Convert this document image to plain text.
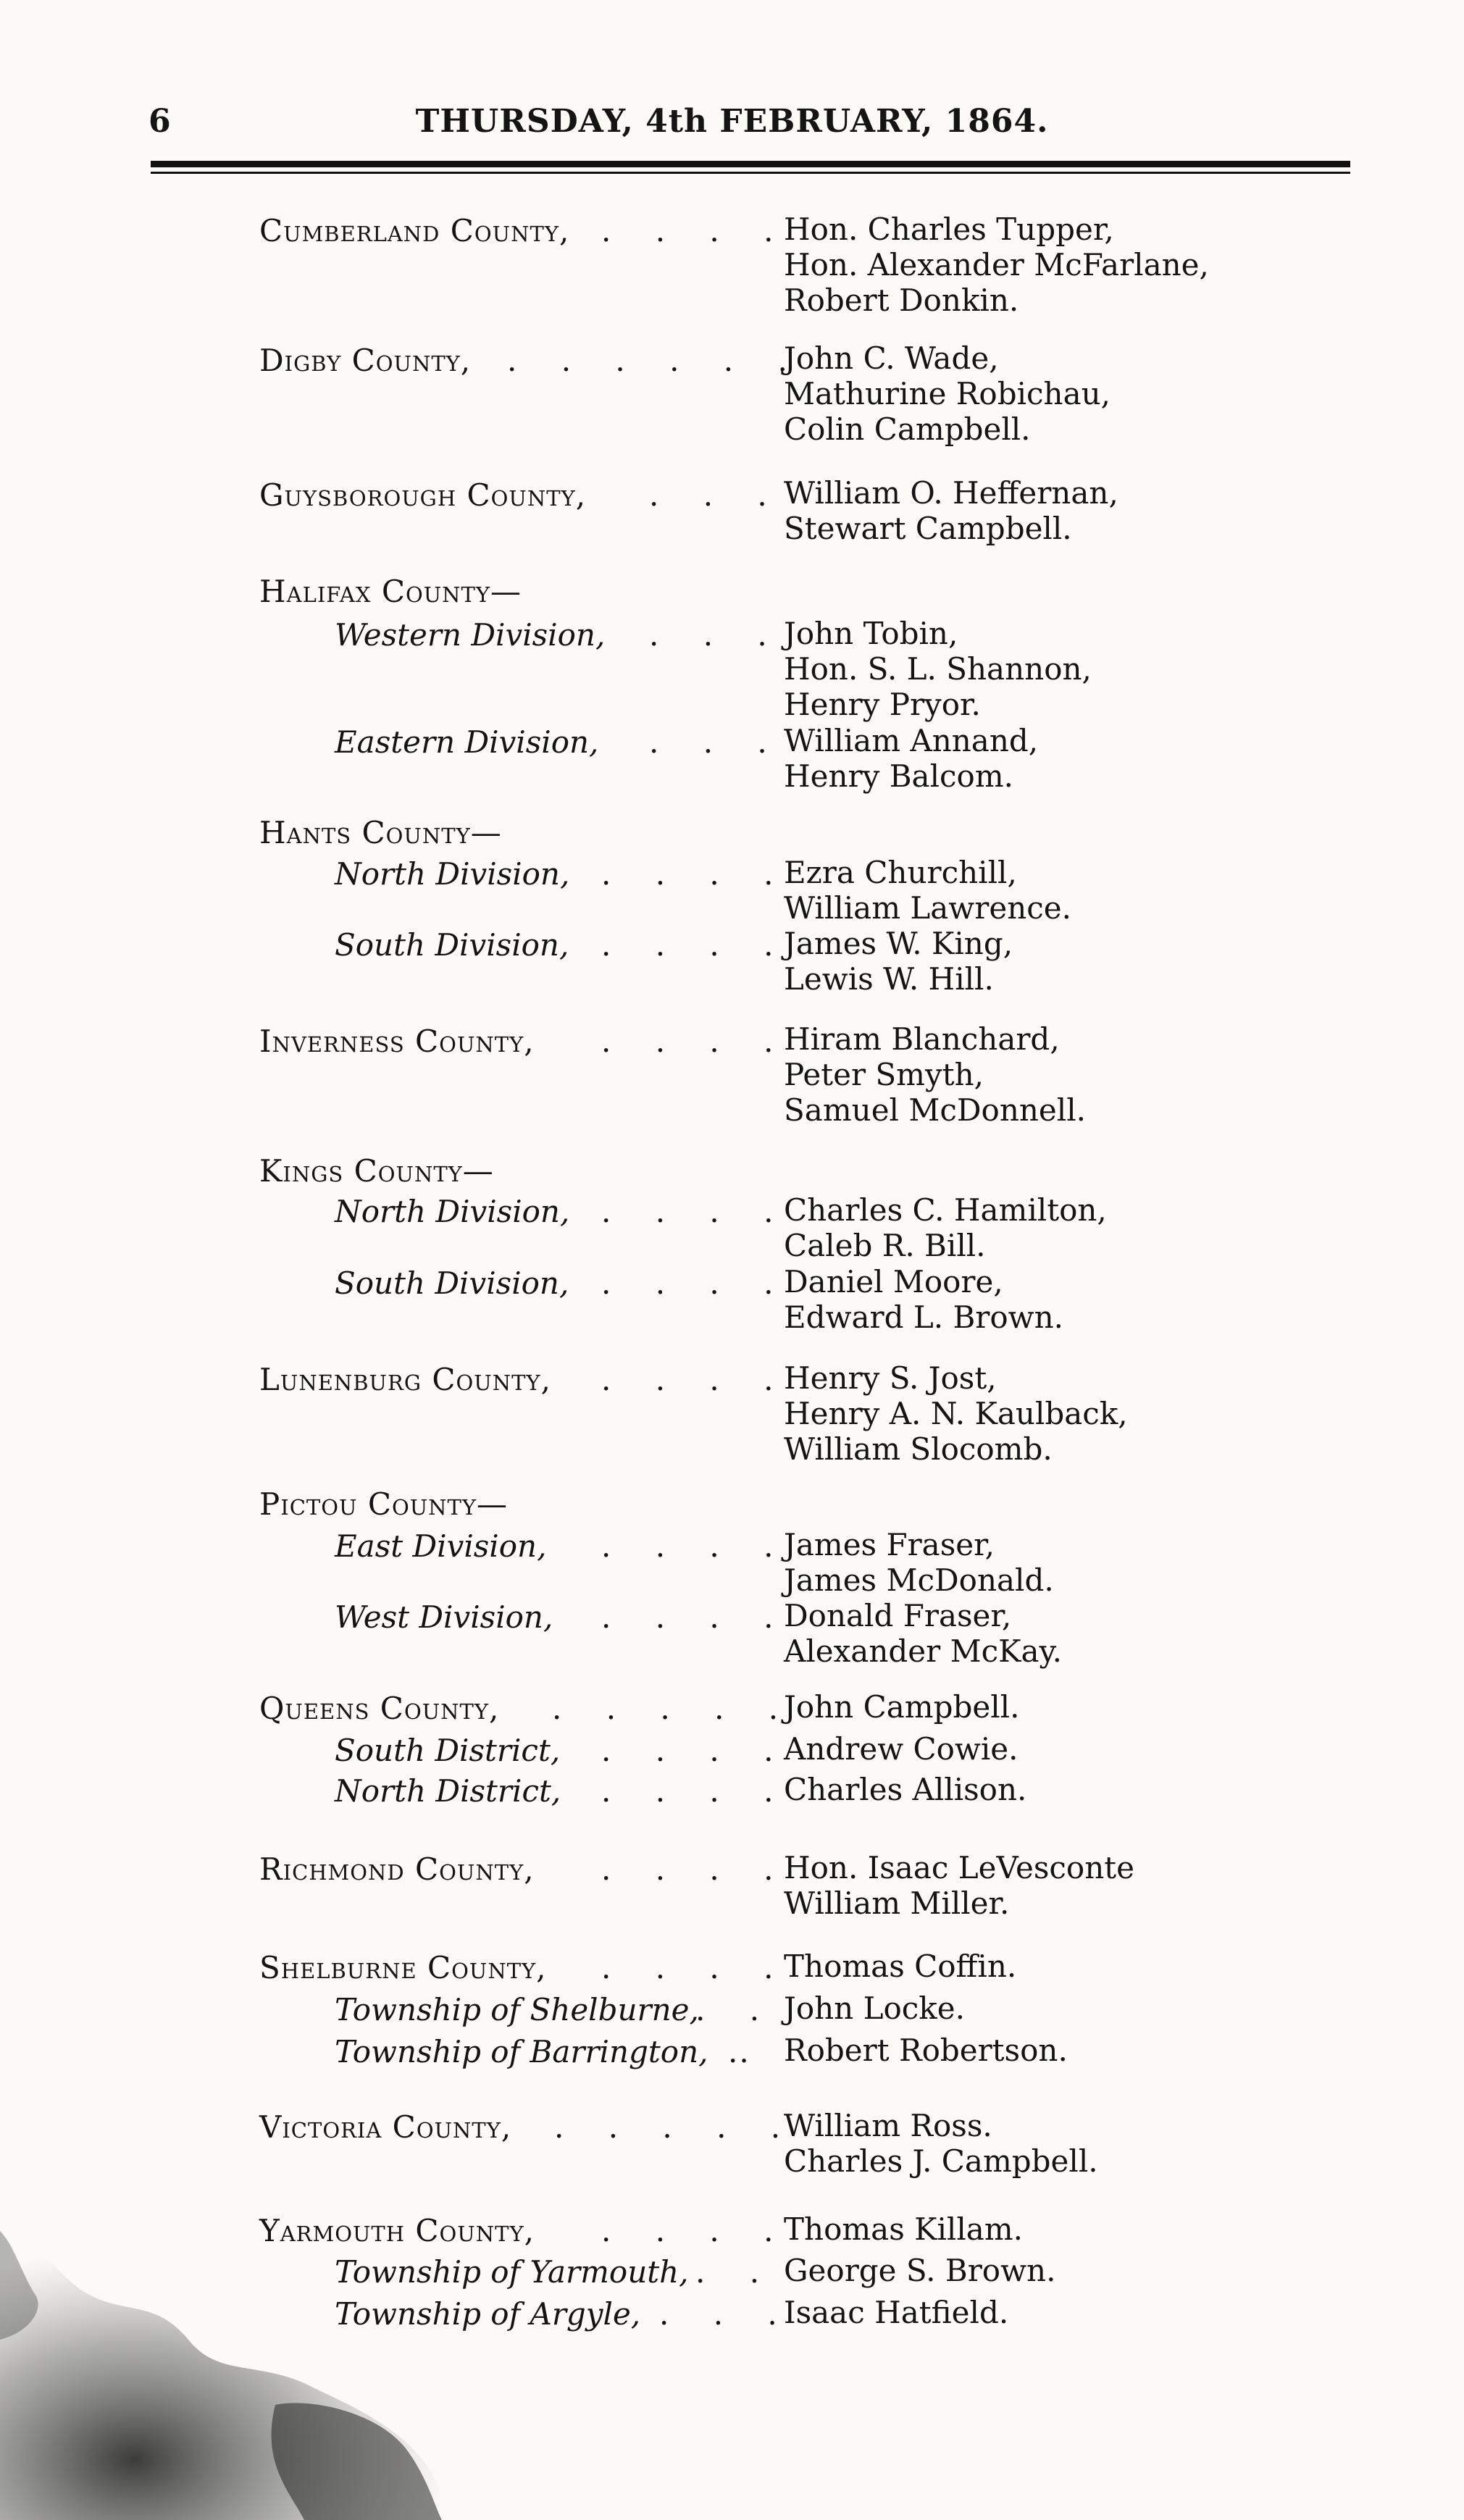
6	THURSDAY, 4th FEBRUARY, 1864.
Cumberland County, . . . .
Hon. Charles Tupper,
Hon. Alexander McFarlane,
Robert Donkin.
Digby County, . . . . . .
John C. Wade,
Mathurine Robichau,
Colin Campbell.
Guysborough County, . . . William O. Heffernan,
Stewart Campbell.
Halifax County—
Western Division, . . . John Tobin,
Hon. S. L. Shannon,
Henry Pryor.
Eastern Division, . . . William Annand,
Henry Balcom.
Hants County—
North Division, . . . .
Ezra Churchill,
William Lawrence.
South Division, . . . .
James W. King,
Lewis W. Hill.
Inverness County, . . . .
Hiram Blanchard,
Peter Smyth,
Samuel McDonnell.
Kings County—
North Division, . . . .
Charles C. Hamilton,
Caleb R. Bill.
South Division, . . . .
Daniel Moore,
Edward L. Brown.
Lunenburg County, . . . .
Henry S. Jost,
Henry A. N. Kaulback,
William Slocomb.
Pictou County—
East Division, . . . .
James Fraser,
James McDonald.
West Division, . . . .
Donald Fraser,
Alexander McKay.
Queens County, . . . . .
John Campbell.
South District, . . . .
Andrew Cowie.
North District, . . . .
Charles Allison.
Richmond County, . . . .
Hon. Isaac LeVesconte
William Miller.
Shelburne County, . . . .
Thomas Coffin.
Township of Shelburne,
. . John Locke.
Township of Barrington, .. Robert Robertson.
Victoria County, . . . . .
William Ross.
Charles J. Campbell.
Yarmouth County, . . . .
Thomas Killam.
Township of Yarmouth, . . George S. Brown.
Township of Argyle, . . .
Isaac Hatfield.
